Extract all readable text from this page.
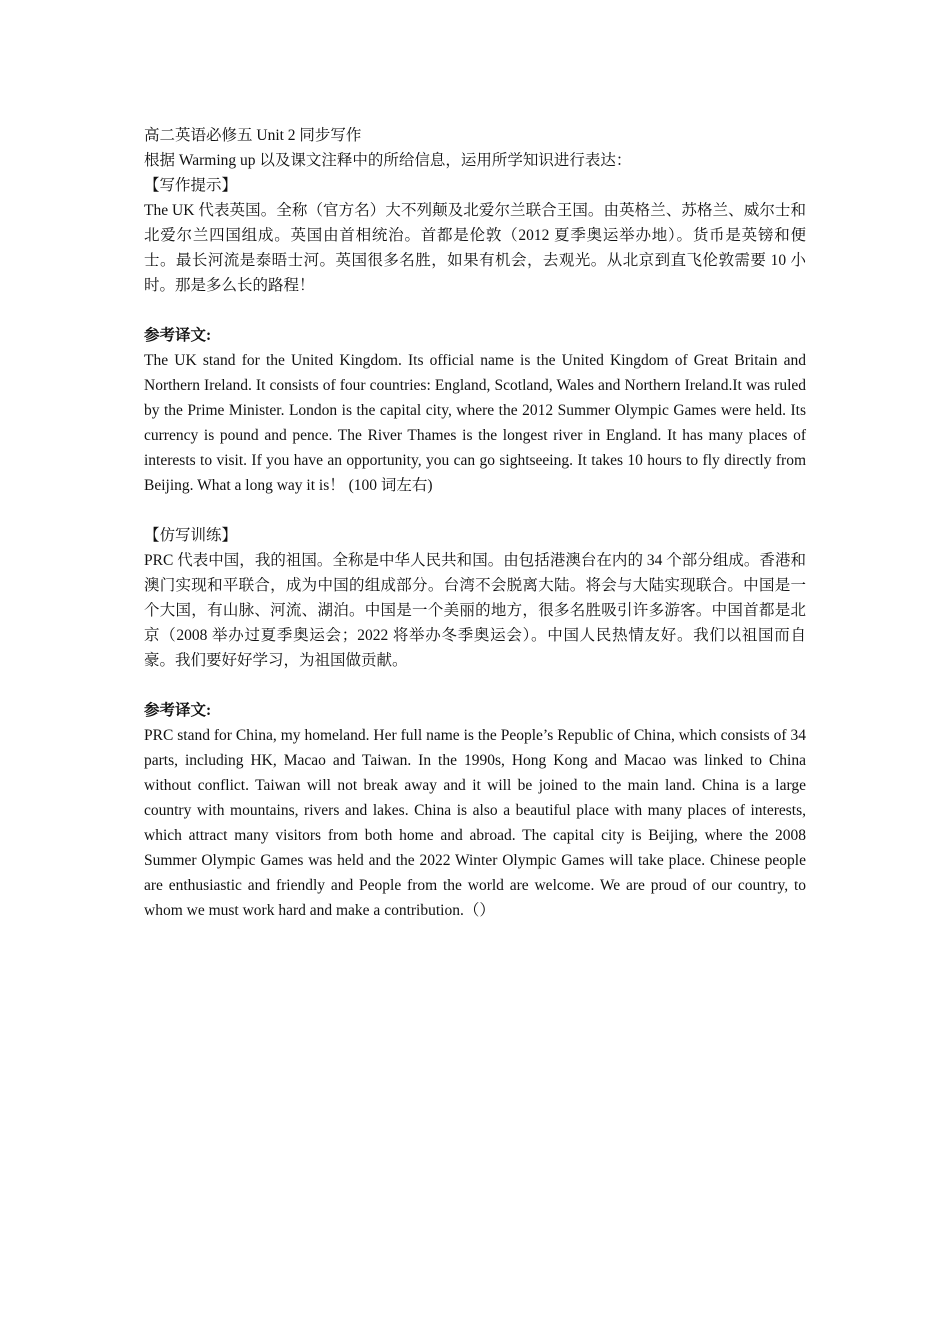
高二英语必修五 Unit 2 同步写作

根据 Warming up 以及课文注释中的所给信息，运用所学知识进行表达：

【写作提示】

The UK 代表英国。全称（官方名）大不列颠及北爱尔兰联合王国。由英格兰、苏格兰、威尔士和北爱尔兰四国组成。英国由首相统治。首都是伦敦（2012 夏季奥运举办地）。货币是英镑和便士。最长河流是泰晤士河。英国很多名胜，如果有机会，去观光。从北京到直飞伦敦需要 10 小时。那是多么长的路程！

参考译文:

The UK stand for the United Kingdom. Its official name is the United Kingdom of Great Britain and Northern Ireland. It consists of four countries: England, Scotland, Wales and Northern Ireland.It was ruled by the Prime Minister. London is the capital city, where the 2012 Summer Olympic Games were held. Its currency is pound and pence. The River Thames is the longest river in England. It has many places of interests to visit. If you have an opportunity, you can go sightseeing. It takes 10 hours to fly directly from Beijing. What a long way it is！ (100 词左右)

【仿写训练】

PRC 代表中国，我的祖国。全称是中华人民共和国。由包括港澳台在内的 34 个部分组成。香港和澳门实现和平联合，成为中国的组成部分。台湾不会脱离大陆。将会与大陆实现联合。中国是一个大国，有山脉、河流、湖泊。中国是一个美丽的地方，很多名胜吸引许多游客。中国首都是北京（2008 举办过夏季奥运会；2022 将举办冬季奥运会）。中国人民热情友好。我们以祖国而自豪。我们要好好学习，为祖国做贡献。

参考译文:

PRC stand for China, my homeland. Her full name is the People’s Republic of China, which consists of 34 parts, including HK, Macao and Taiwan. In the 1990s, Hong Kong and Macao was linked to China without conflict. Taiwan will not break away and it will be joined to the main land. China is a large country with mountains, rivers and lakes. China is also a beautiful place with many places of interests, which attract many visitors from both home and abroad. The capital city is Beijing, where the 2008 Summer Olympic Games was held and the 2022 Winter Olympic Games will take place. Chinese people are enthusiastic and friendly and People from the world are welcome. We are proud of our country, to whom we must work hard and make a contribution.（）
